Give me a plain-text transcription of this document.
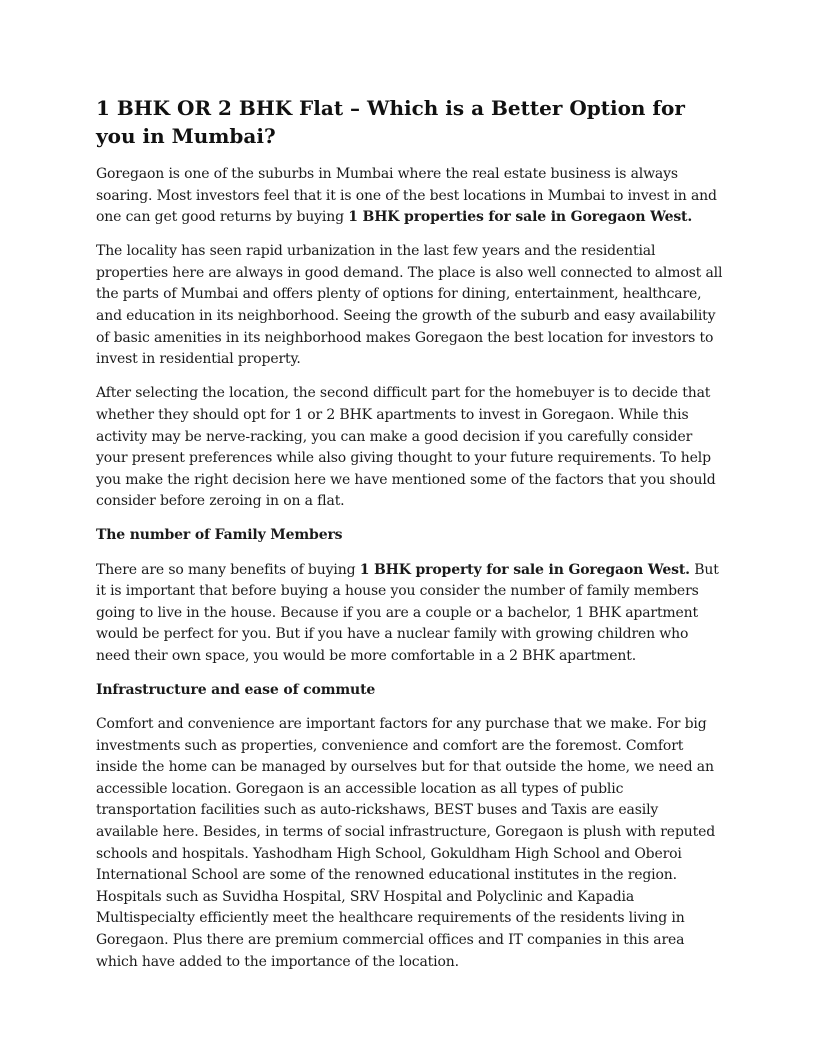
1 BHK OR 2 BHK Flat – Which is a Better Option for you in Mumbai?

Goregaon is one of the suburbs in Mumbai where the real estate business is always soaring. Most investors feel that it is one of the best locations in Mumbai to invest in and one can get good returns by buying 1 BHK properties for sale in Goregaon West.

The locality has seen rapid urbanization in the last few years and the residential properties here are always in good demand. The place is also well connected to almost all the parts of Mumbai and offers plenty of options for dining, entertainment, healthcare, and education in its neighborhood. Seeing the growth of the suburb and easy availability of basic amenities in its neighborhood makes Goregaon the best location for investors to invest in residential property.

After selecting the location, the second difficult part for the homebuyer is to decide that whether they should opt for 1 or 2 BHK apartments to invest in Goregaon. While this activity may be nerve-racking, you can make a good decision if you carefully consider your present preferences while also giving thought to your future requirements. To help you make the right decision here we have mentioned some of the factors that you should consider before zeroing in on a flat.

The number of Family Members

There are so many benefits of buying 1 BHK property for sale in Goregaon West. But it is important that before buying a house you consider the number of family members going to live in the house. Because if you are a couple or a bachelor, 1 BHK apartment would be perfect for you. But if you have a nuclear family with growing children who need their own space, you would be more comfortable in a 2 BHK apartment.

Infrastructure and ease of commute

Comfort and convenience are important factors for any purchase that we make. For big investments such as properties, convenience and comfort are the foremost. Comfort inside the home can be managed by ourselves but for that outside the home, we need an accessible location. Goregaon is an accessible location as all types of public transportation facilities such as auto-rickshaws, BEST buses and Taxis are easily available here. Besides, in terms of social infrastructure, Goregaon is plush with reputed schools and hospitals. Yashodham High School, Gokuldham High School and Oberoi International School are some of the renowned educational institutes in the region. Hospitals such as Suvidha Hospital, SRV Hospital and Polyclinic and Kapadia Multispecialty efficiently meet the healthcare requirements of the residents living in Goregaon. Plus there are premium commercial offices and IT companies in this area which have added to the importance of the location.
